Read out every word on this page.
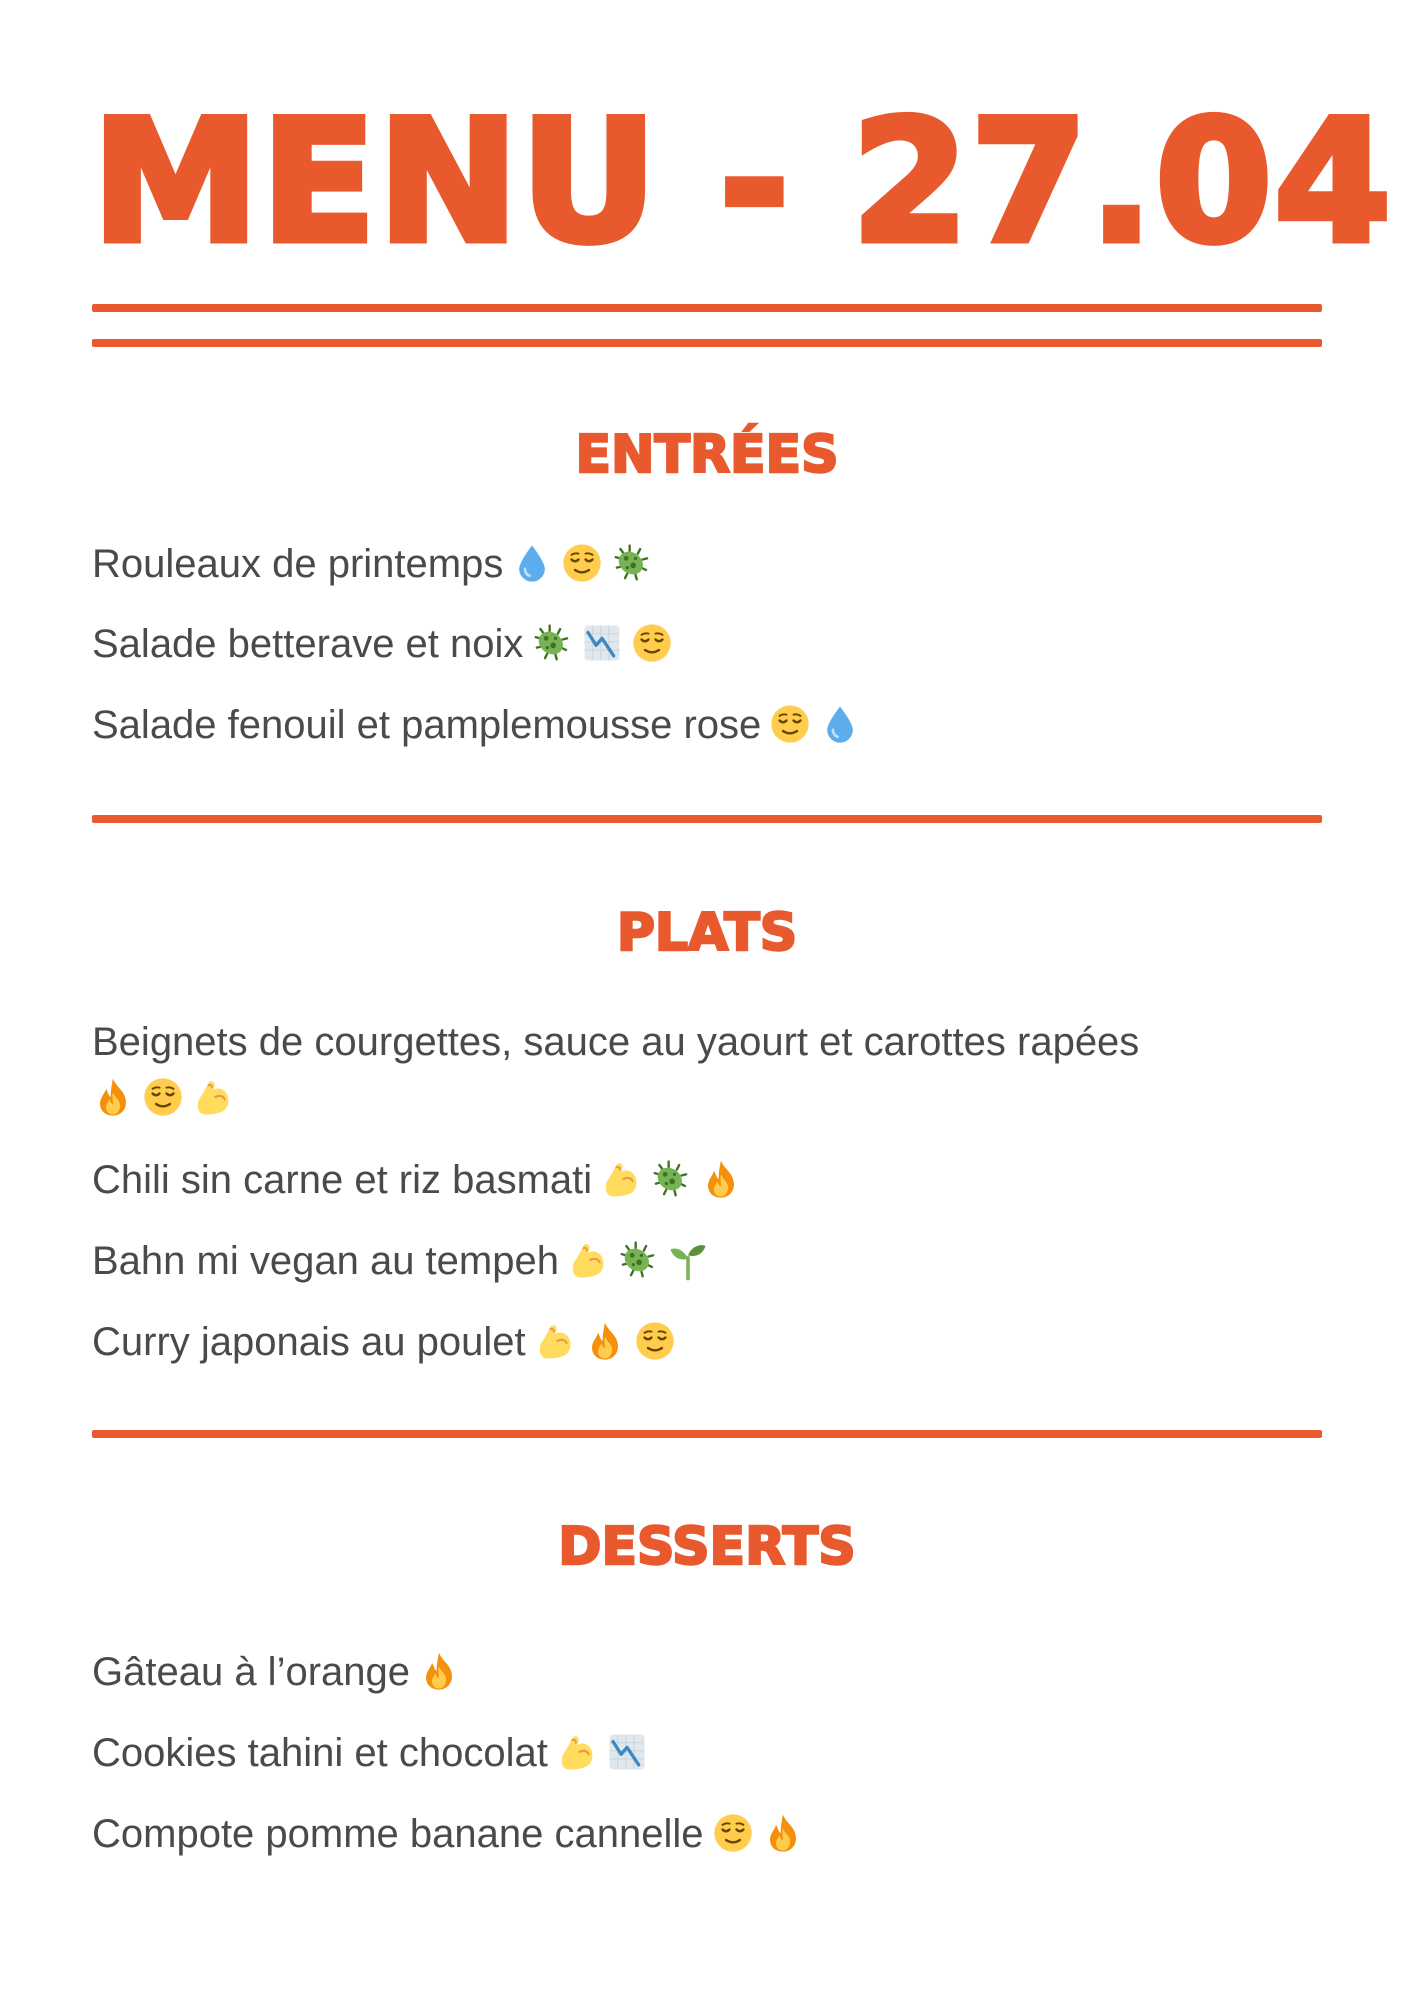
MENU - 27.04
ENTRÉES
Rouleaux de printemps
Salade betterave et noix
Salade fenouil et pamplemousse rose
PLATS
Beignets de courgettes, sauce au yaourt et carottes rapées
Chili sin carne et riz basmati
Bahn mi vegan au tempeh
Curry japonais au poulet
DESSERTS
Gâteau à l’orange
Cookies tahini et chocolat
Compote pomme banane cannelle
